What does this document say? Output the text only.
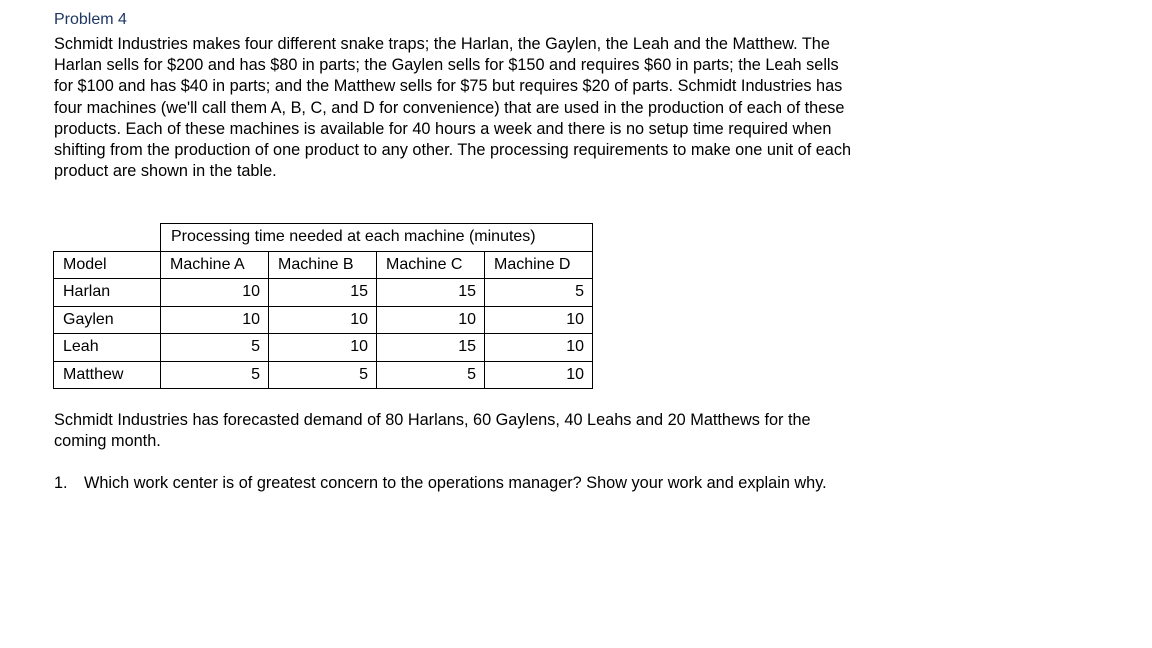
Problem 4

Schmidt Industries makes four different snake traps; the Harlan, the Gaylen, the Leah and the Matthew. The Harlan sells for $200 and has $80 in parts; the Gaylen sells for $150 and requires $60 in parts; the Leah sells for $100 and has $40 in parts; and the Matthew sells for $75 but requires $20 of parts. Schmidt Industries has four machines (we'll call them A, B, C, and D for convenience) that are used in the production of each of these products. Each of these machines is available for 40 hours a week and there is no setup time required when shifting from the production of one product to any other. The processing requirements to make one unit of each product are shown in the table.

	Processing time needed at each machine (minutes)			
Model	Machine A	Machine B	Machine C	Machine D
Harlan	10	15	15	5
Gaylen	10	10	10	10
Leah	5	10	15	10
Matthew	5	5	5	10

Schmidt Industries has forecasted demand of 80 Harlans, 60 Gaylens, 40 Leahs and 20 Matthews for the coming month.

1. Which work center is of greatest concern to the operations manager? Show your work and explain why.
